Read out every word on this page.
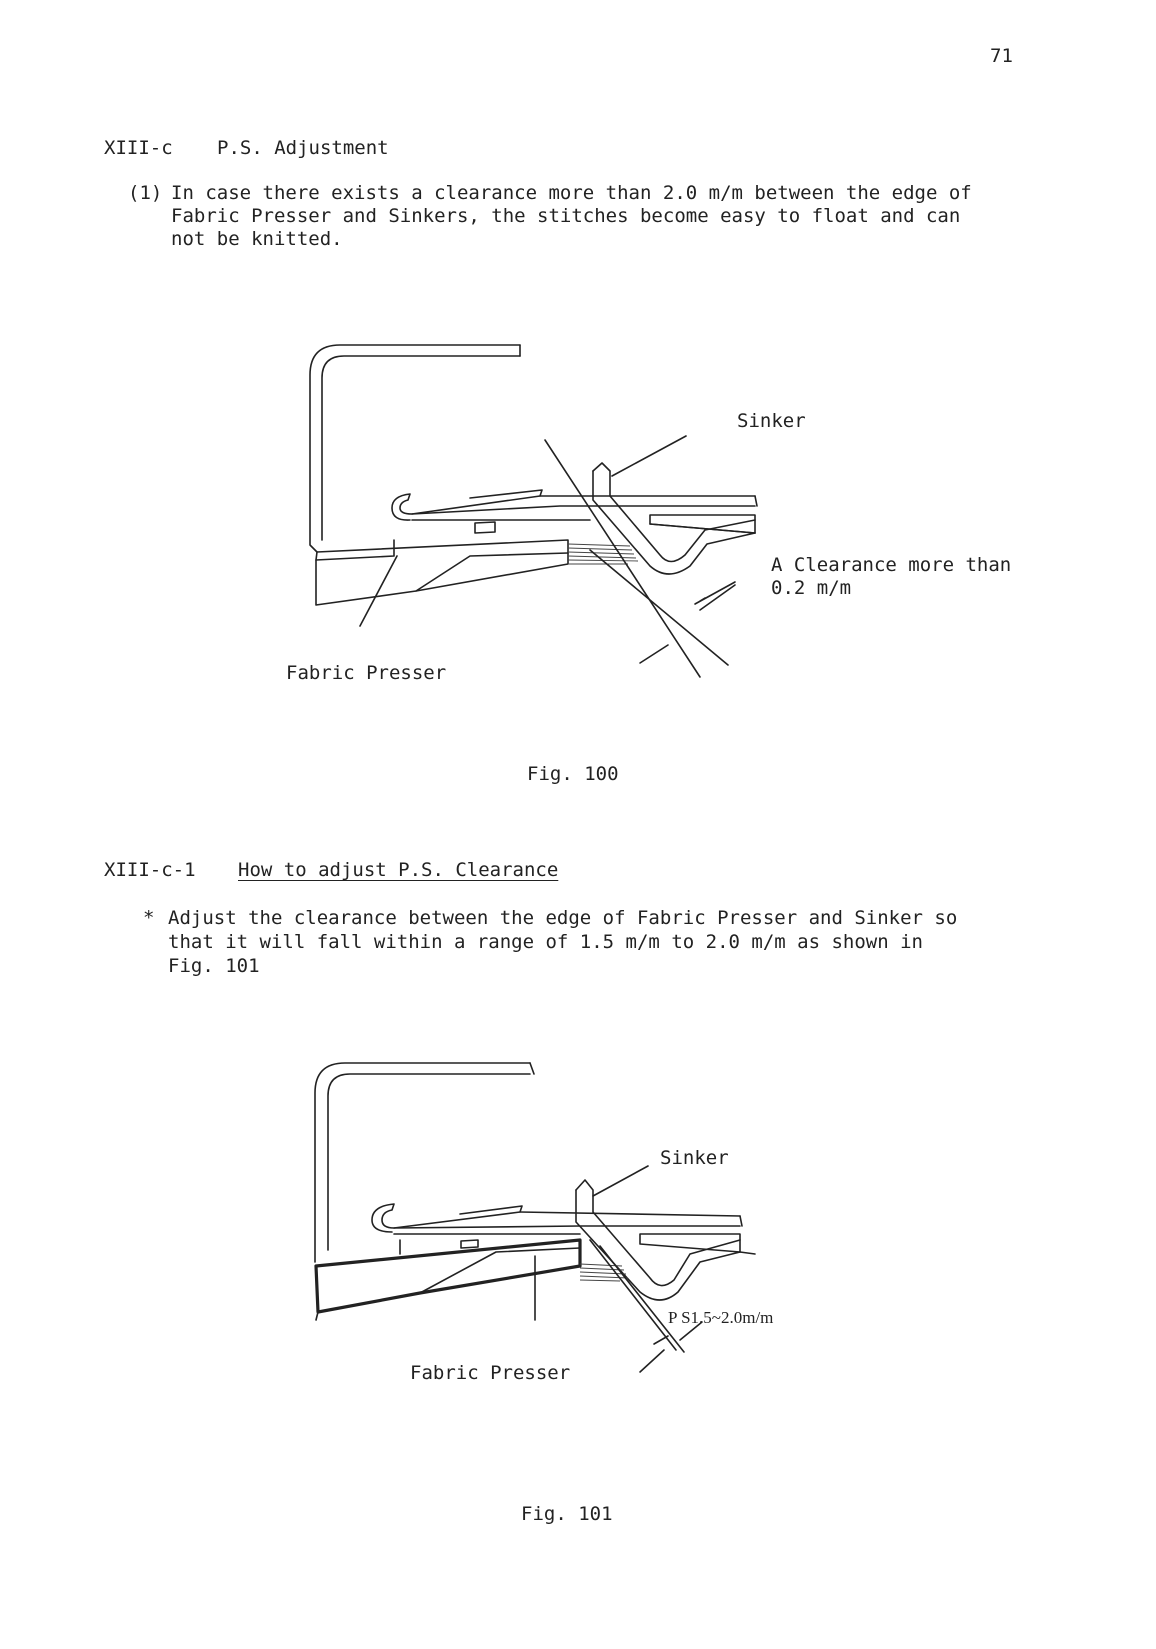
71
XIII-c P.S. Adjustment
(1) In case there exists a clearance more than 2.0 m/m between the edge of
Fabric Presser and Sinkers, the stitches become easy to float and can
not be knitted.
Sinker
A Clearance more than
0.2 m/m
Fabric Presser
Fig. 100
XIII-c-1 How to adjust P.S. Clearance
* Adjust the clearance between the edge of Fabric Presser and Sinker so
that it will fall within a range of 1.5 m/m to 2.0 m/m as shown in
Fig. 101
Sinker
P S1.5~2.0m/m
Fabric Presser
Fig. 101
